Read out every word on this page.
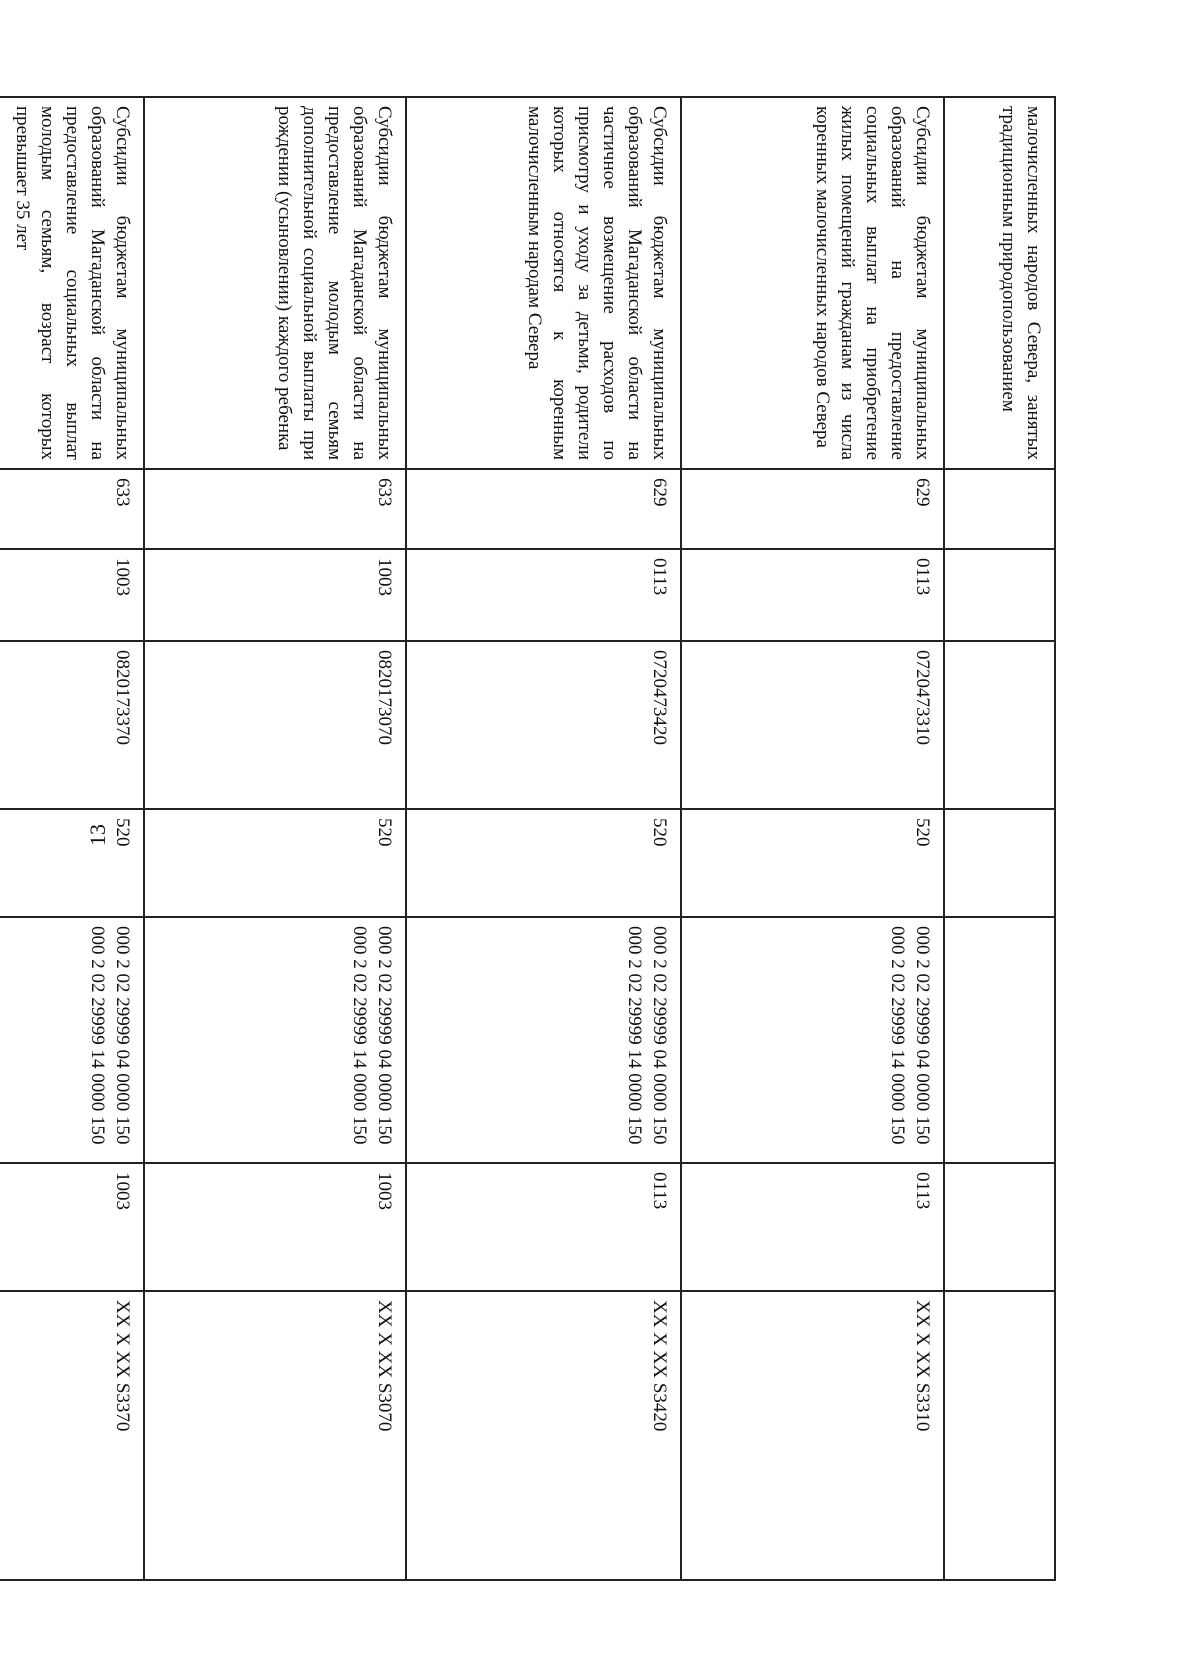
13
малочисленных народов Севера, занятых традиционным природопользованием							
Субсидии бюджетам муниципальных образований на предоставление социальных выплат на приобретение жилых помещений гражданам из числа коренных малочисленных народов Севера	629	0113	0720473310	520	000 2 02 29999 04 0000 150
000 2 02 29999 14 0000 150	0113	XX X XX S3310
Субсидии бюджетам муниципальных образований Магаданской области на частичное возмещение расходов по присмотру и уходу за детьми, родители которых относятся к коренным малочисленным народам Севера	629	0113	0720473420	520	000 2 02 29999 04 0000 150
000 2 02 29999 14 0000 150	0113	XX X XX S3420
Субсидии бюджетам муниципальных образований Магаданской области на предоставление молодым семьям дополнительной социальной выплаты при рождении (усыновлении) каждого ребенка	633	1003	0820173070	520	000 2 02 29999 04 0000 150
000 2 02 29999 14 0000 150	1003	XX X XX S3070
Субсидии бюджетам муниципальных образований Магаданской области на предоставление социальных выплат молодым семьям, возраст которых превышает 35 лет	633	1003	0820173370	520	000 2 02 29999 04 0000 150
000 2 02 29999 14 0000 150	1003	XX X XX S3370
